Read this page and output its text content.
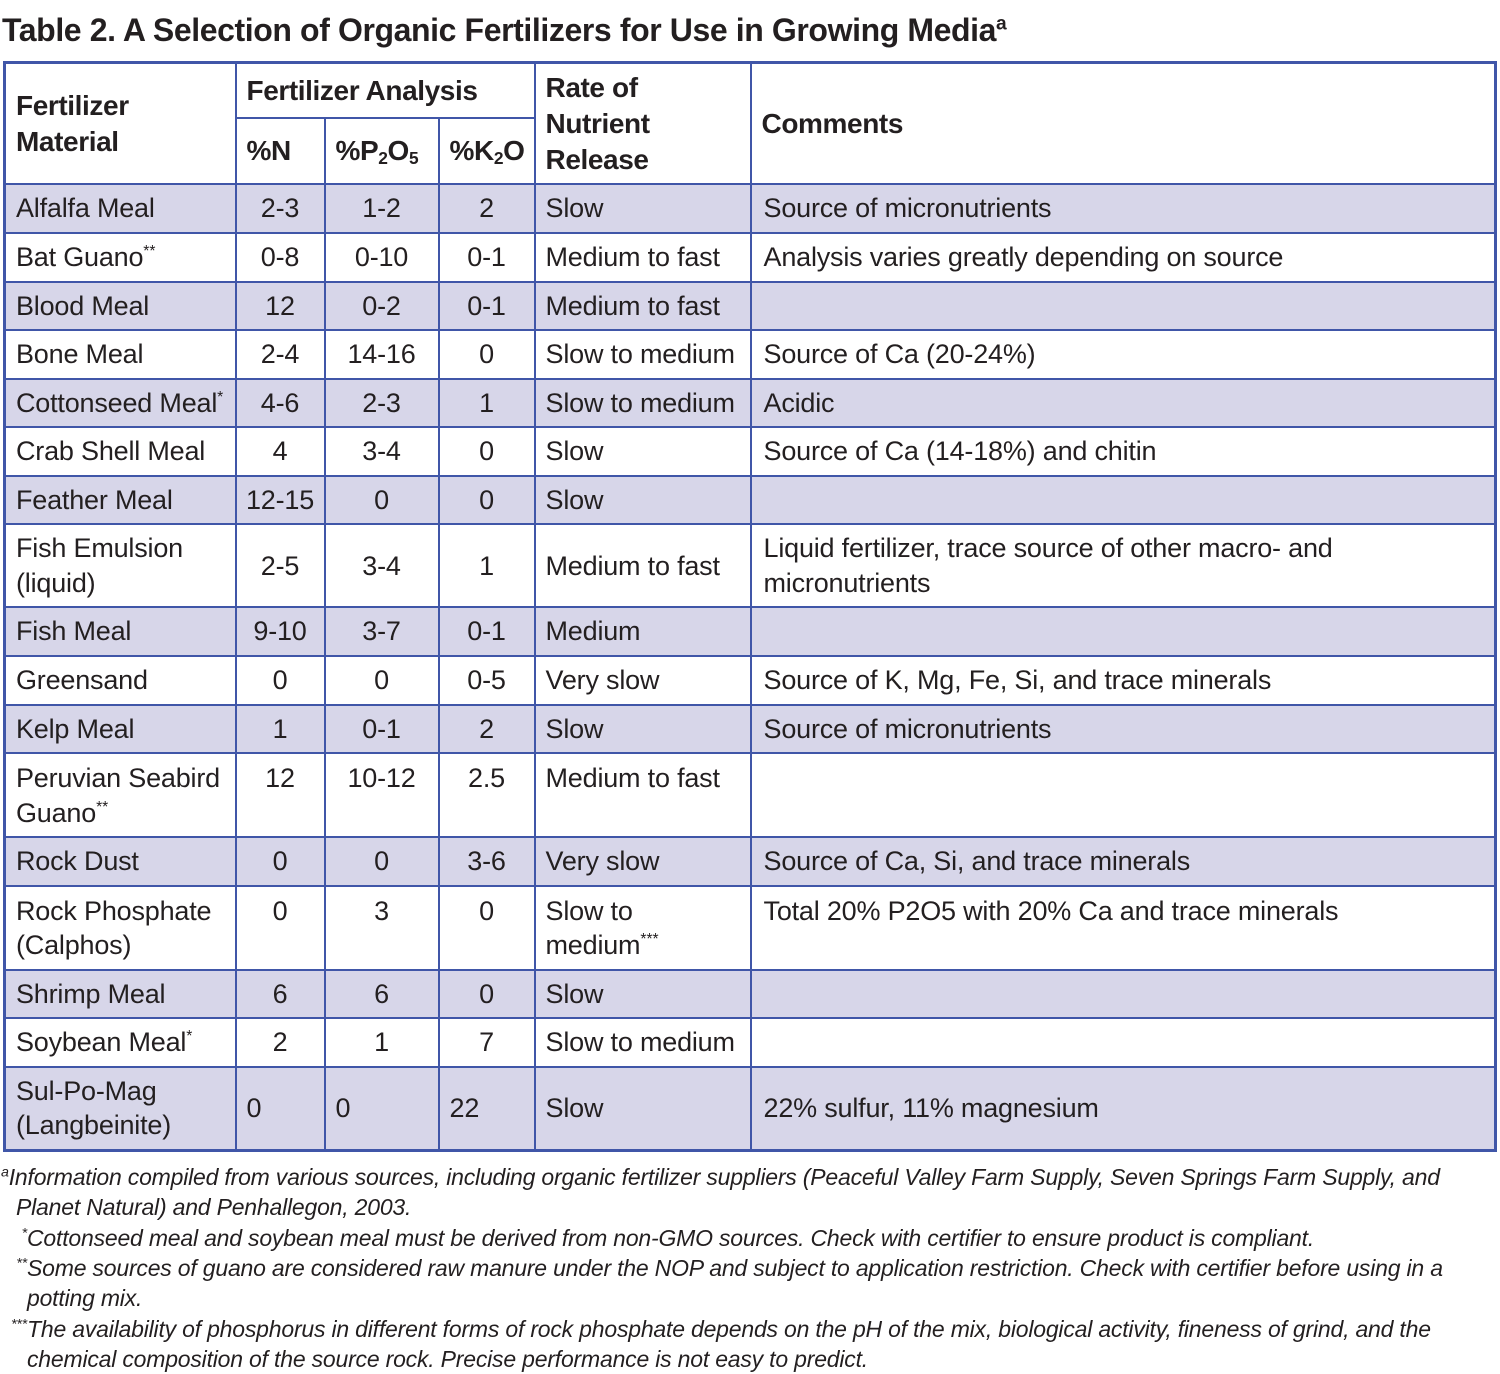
Table 2. A Selection of Organic Fertilizers for Use in Growing Media$^a$
Fertilizer Material	Fertilizer Analysis			Rate of Nutrient Release	Comments
	%N	$\%P_2O_5$	$\%K_2O$		
Alfalfa Meal	2-3	1-2	2	Slow	Source of micronutrients
Bat Guano**	0-8	0-10	0-1	Medium to fast	Analysis varies greatly depending on source
Blood Meal	12	0-2	0-1	Medium to fast	
Bone Meal	2-4	14-16	0	Slow to medium	Source of Ca (20-24%)
Cottonseed Meal*	4-6	2-3	1	Slow to medium	Acidic
Crab Shell Meal	4	3-4	0	Slow	Source of Ca (14-18%) and chitin
Feather Meal	12-15	0	0	Slow	
Fish Emulsion (liquid)	2-5	3-4	1	Medium to fast	Liquid fertilizer, trace source of other macro- and micronutrients
Fish Meal	9-10	3-7	0-1	Medium	
Greensand	0	0	0-5	Very slow	Source of K, Mg, Fe, Si, and trace minerals
Kelp Meal	1	0-1	2	Slow	Source of micronutrients
Peruvian Seabird Guano**	12	10-12	2.5	Medium to fast	
Rock Dust	0	0	3-6	Very slow	Source of Ca, Si, and trace minerals
Rock Phosphate (Calphos)	0	3	0	Slow to medium***	Total 20% P2O5 with 20% Ca and trace minerals
Shrimp Meal	6	6	0	Slow	
Soybean Meal*	2	1	7	Slow to medium	
Sul-Po-Mag (Langbeinite)	0	0	22	Slow	22% sulfur, 11% magnesium
$^a$Information compiled from various sources, including organic fertilizer suppliers (Peaceful Valley Farm Supply, Seven Springs Farm Supply, and Planet Natural) and Penhallegon, 2003.
*Cottonseed meal and soybean meal must be derived from non-GMO sources. Check with certifier to ensure product is compliant.
**Some sources of guano are considered raw manure under the NOP and subject to application restriction. Check with certifier before using in a potting mix.
***The availability of phosphorus in different forms of rock phosphate depends on the pH of the mix, biological activity, fineness of grind, and the chemical composition of the source rock. Precise performance is not easy to predict.
